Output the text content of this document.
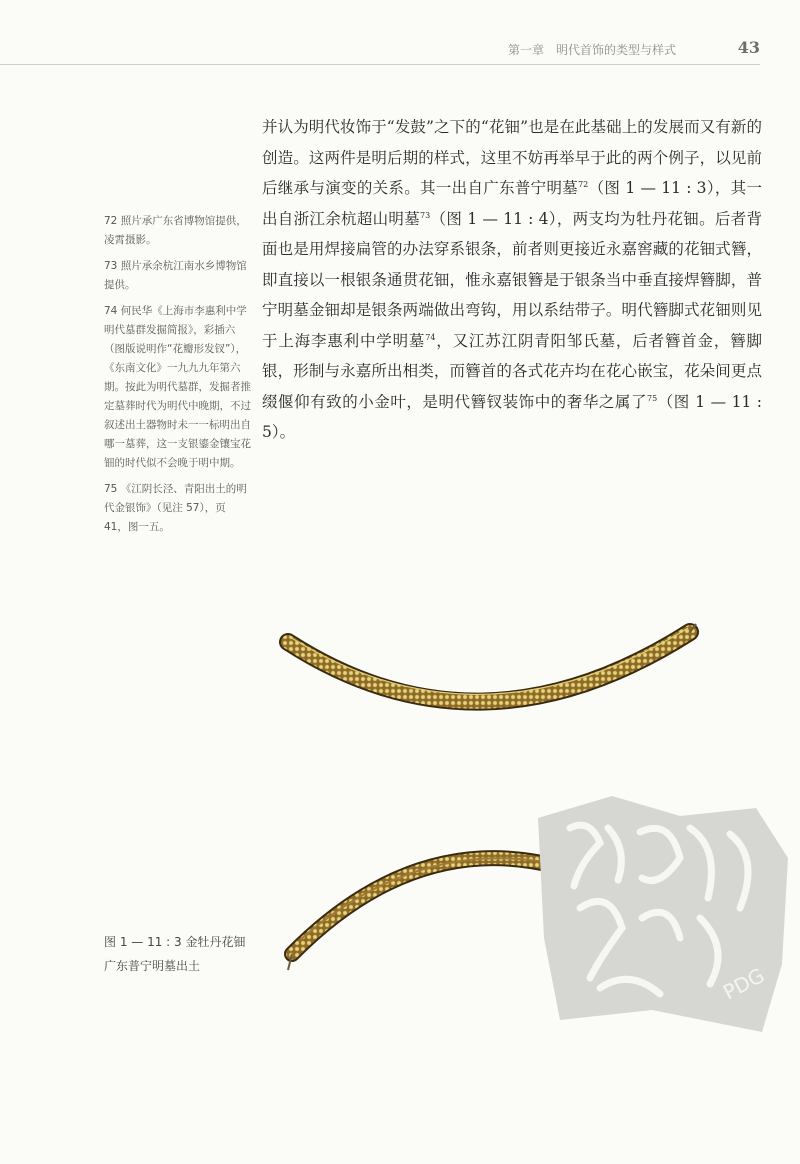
第一章　明代首饰的类型与样式	43

并认为明代妆饰于“发鼓”之下的“花钿”也是在此基础上的发展而又有新的创造。这两件是明后期的样式，这里不妨再举早于此的两个例子，以见前后继承与演变的关系。其一出自广东普宁明墓$^{72}$（图 1 — 11 : 3），其一出自浙江余杭超山明墓$^{73}$（图 1 — 11 : 4），两支均为牡丹花钿。后者背面也是用焊接扁管的办法穿系银条，前者则更接近永嘉窖藏的花钿式簪，即直接以一根银条通贯花钿，惟永嘉银簪是于银条当中垂直接焊簪脚，普宁明墓金钿却是银条两端做出弯钩，用以系结带子。明代簪脚式花钿则见于上海李惠利中学明墓$^{74}$，又江苏江阴青阳邹氏墓，后者簪首金，簪脚银，形制与永嘉所出相类，而簪首的各式花卉均在花心嵌宝，花朵间更点缀偃仰有致的小金叶，是明代簪钗装饰中的奢华之属了$^{75}$（图 1 — 11 : 5）。

72 照片承广东省博物馆提供，凌霄摄影。

73 照片承余杭江南水乡博物馆提供。

74 何民华《上海市李惠利中学明代墓群发掘简报》，彩插六（图版说明作“花瓣形发钗”），《东南文化》一九九九年第六期。按此为明代墓群，发掘者推定墓葬时代为明代中晚期，不过叙述出土器物时未一一标明出自哪一墓葬，这一支银鎏金镶宝花钿的时代似不会晚于明中期。

75 《江阴长泾、青阳出土的明代金银饰》（见注 57），页 41，图一五。

图 1 — 11 : 3 金牡丹花钿 广东普宁明墓出土	PDG
